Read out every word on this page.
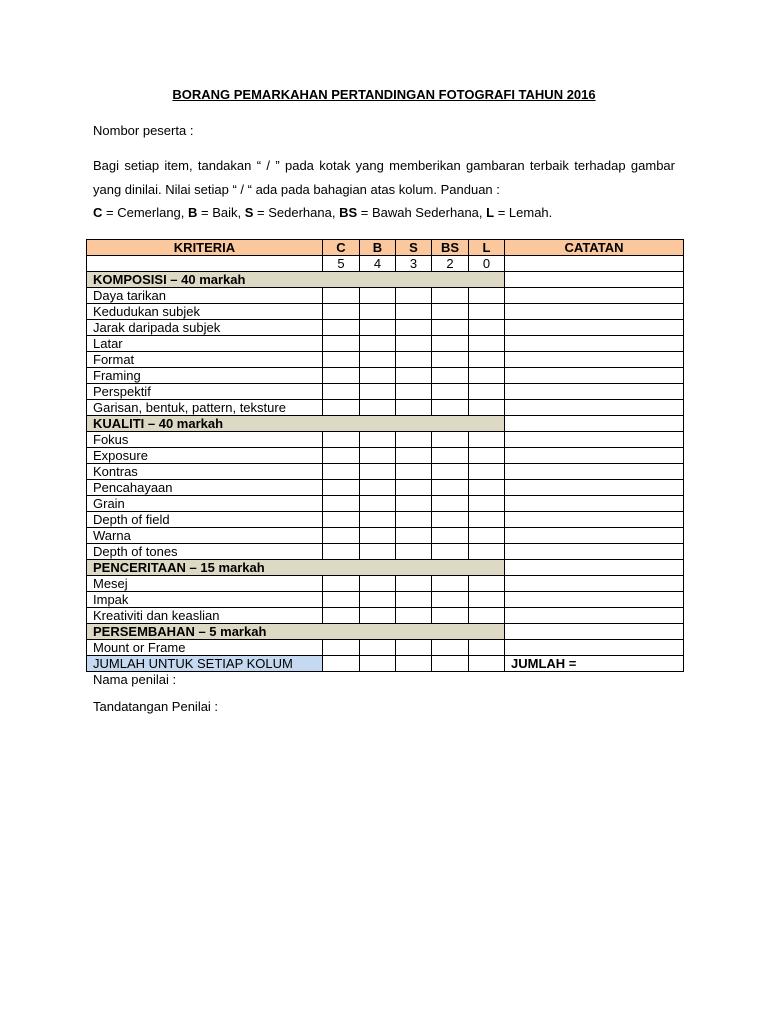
BORANG PEMARKAHAN PERTANDINGAN FOTOGRAFI TAHUN 2016
Nombor peserta :
Bagi setiap item, tandakan “ / ” pada kotak yang memberikan gambaran terbaik terhadap gambar yang dinilai. Nilai setiap “ / “ ada pada bahagian atas kolum. Panduan :
C = Cemerlang, B = Baik, S = Sederhana, BS = Bawah Sederhana, L = Lemah.
KRITERIA	C	B	S	BS	L	CATATAN
	5	4	3	2	0	
KOMPOSISI – 40 markah						
Daya tarikan						
Kedudukan subjek						
Jarak daripada subjek						
Latar						
Format						
Framing						
Perspektif						
Garisan, bentuk, pattern, teksture						
KUALITI – 40 markah						
Fokus						
Exposure						
Kontras						
Pencahayaan						
Grain						
Depth of field						
Warna						
Depth of tones						
PENCERITAAN – 15 markah						
Mesej						
Impak						
Kreativiti dan keaslian						
PERSEMBAHAN – 5 markah						
Mount or Frame						
JUMLAH UNTUK SETIAP KOLUM						JUMLAH =
Nama penilai :
Tandatangan Penilai :
